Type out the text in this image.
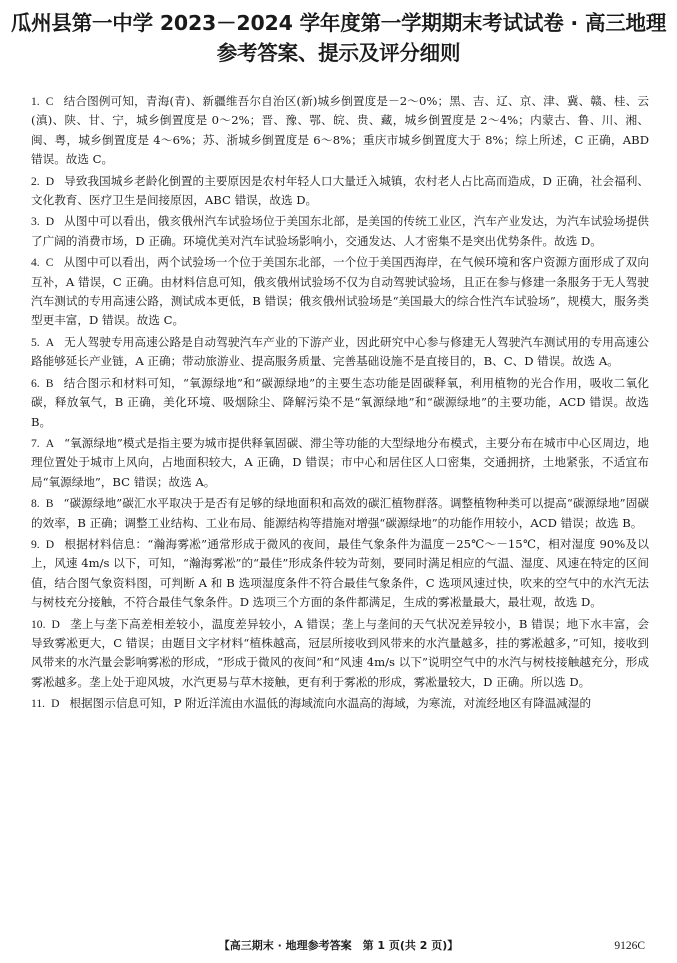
瓜州县第一中学 2023－2024 学年度第一学期期末考试试卷 · 高三地理
参考答案、提示及评分细则
1. C 结合图例可知，青海(青)、新疆维吾尔自治区(新)城乡倒置度是－2～0%；黑、吉、辽、京、津、冀、赣、桂、云(滇)、陕、甘、宁，城乡倒置度是 0～2%；晋、豫、鄂、皖、贵、藏，城乡倒置度是 2～4%；内蒙古、鲁、川、湘、闽、粤，城乡倒置度是 4～6%；苏、浙城乡倒置度是 6～8%；重庆市城乡倒置度大于 8%；综上所述，C 正确，ABD 错误。故选 C。
2. D 导致我国城乡老龄化倒置的主要原因是农村年轻人口大量迁入城镇，农村老人占比高而造成，D 正确，社会福利、文化教育、医疗卫生是间接原因，ABC 错误，故选 D。
3. D 从图中可以看出，俄亥俄州汽车试验场位于美国东北部，是美国的传统工业区，汽车产业发达，为汽车试验场提供了广阔的消费市场，D 正确。环境优美对汽车试验场影响小，交通发达、人才密集不是突出优势条件。故选 D。
4. C 从图中可以看出，两个试验场一个位于美国东北部，一个位于美国西海岸，在气候环境和客户资源方面形成了双向互补，A 错误，C 正确。由材料信息可知，俄亥俄州试验场不仅为自动驾驶试验场，且正在参与修建一条服务于无人驾驶汽车测试的专用高速公路，测试成本更低，B 错误；俄亥俄州试验场是“美国最大的综合性汽车试验场”，规模大，服务类型更丰富，D 错误。故选 C。
5. A 无人驾驶专用高速公路是自动驾驶汽车产业的下游产业，因此研究中心参与修建无人驾驶汽车测试用的专用高速公路能够延长产业链，A 正确；带动旅游业、提高服务质量、完善基础设施不是直接目的，B、C、D 错误。故选 A。
6. B 结合图示和材料可知，“氧源绿地”和“碳源绿地”的主要生态功能是固碳释氧，利用植物的光合作用，吸收二氧化碳，释放氧气，B 正确，美化环境、吸烟除尘、降解污染不是“氧源绿地”和“碳源绿地”的主要功能，ACD 错误。故选 B。
7. A “氧源绿地”模式是指主要为城市提供释氧固碳、滞尘等功能的大型绿地分布模式，主要分布在城市中心区周边，地理位置处于城市上风向，占地面积较大，A 正确，D 错误；市中心和居住区人口密集，交通拥挤，土地紧张，不适宜布局“氧源绿地”，BC 错误；故选 A。
8. B “碳源绿地”碳汇水平取决于是否有足够的绿地面积和高效的碳汇植物群落。调整植物种类可以提高“碳源绿地”固碳的效率，B 正确；调整工业结构、工业布局、能源结构等措施对增强“碳源绿地”的功能作用较小，ACD 错误；故选 B。
9. D 根据材料信息：“瀚海雾凇”通常形成于微风的夜间，最佳气象条件为温度－25℃～－15℃，相对湿度 90%及以上，风速 4m/s 以下，可知，“瀚海雾凇”的“最佳”形成条件较为苛刻，要同时满足相应的气温、湿度、风速在特定的区间值，结合图气象资料图，可判断 A 和 B 选项湿度条件不符合最佳气象条件，C 选项风速过快，吹来的空气中的水汽无法与树枝充分接触，不符合最佳气象条件。D 选项三个方面的条件都满足，生成的雾凇量最大，最壮观，故选 D。
10. D 垄上与垄下高差相差较小，温度差异较小，A 错误；垄上与垄间的天气状况差异较小，B 错误；地下水丰富，会导致雾凇更大，C 错误；由题目文字材料“植株越高，冠层所接收到风带来的水汽量越多，挂的雾凇越多，”可知，接收到风带来的水汽量会影响雾凇的形成，“形成于微风的夜间”和“风速 4m/s 以下”说明空气中的水汽与树枝接触越充分，形成雾凇越多。垄上处于迎风坡，水汽更易与草木接触，更有利于雾凇的形成，雾凇量较大，D 正确。所以选 D。
11. D 根据图示信息可知，P 附近洋流由水温低的海域流向水温高的海域，为寒流，对流经地区有降温减湿的
【高三期末 · 地理参考答案　第 1 页(共 2 页)】	9126C
